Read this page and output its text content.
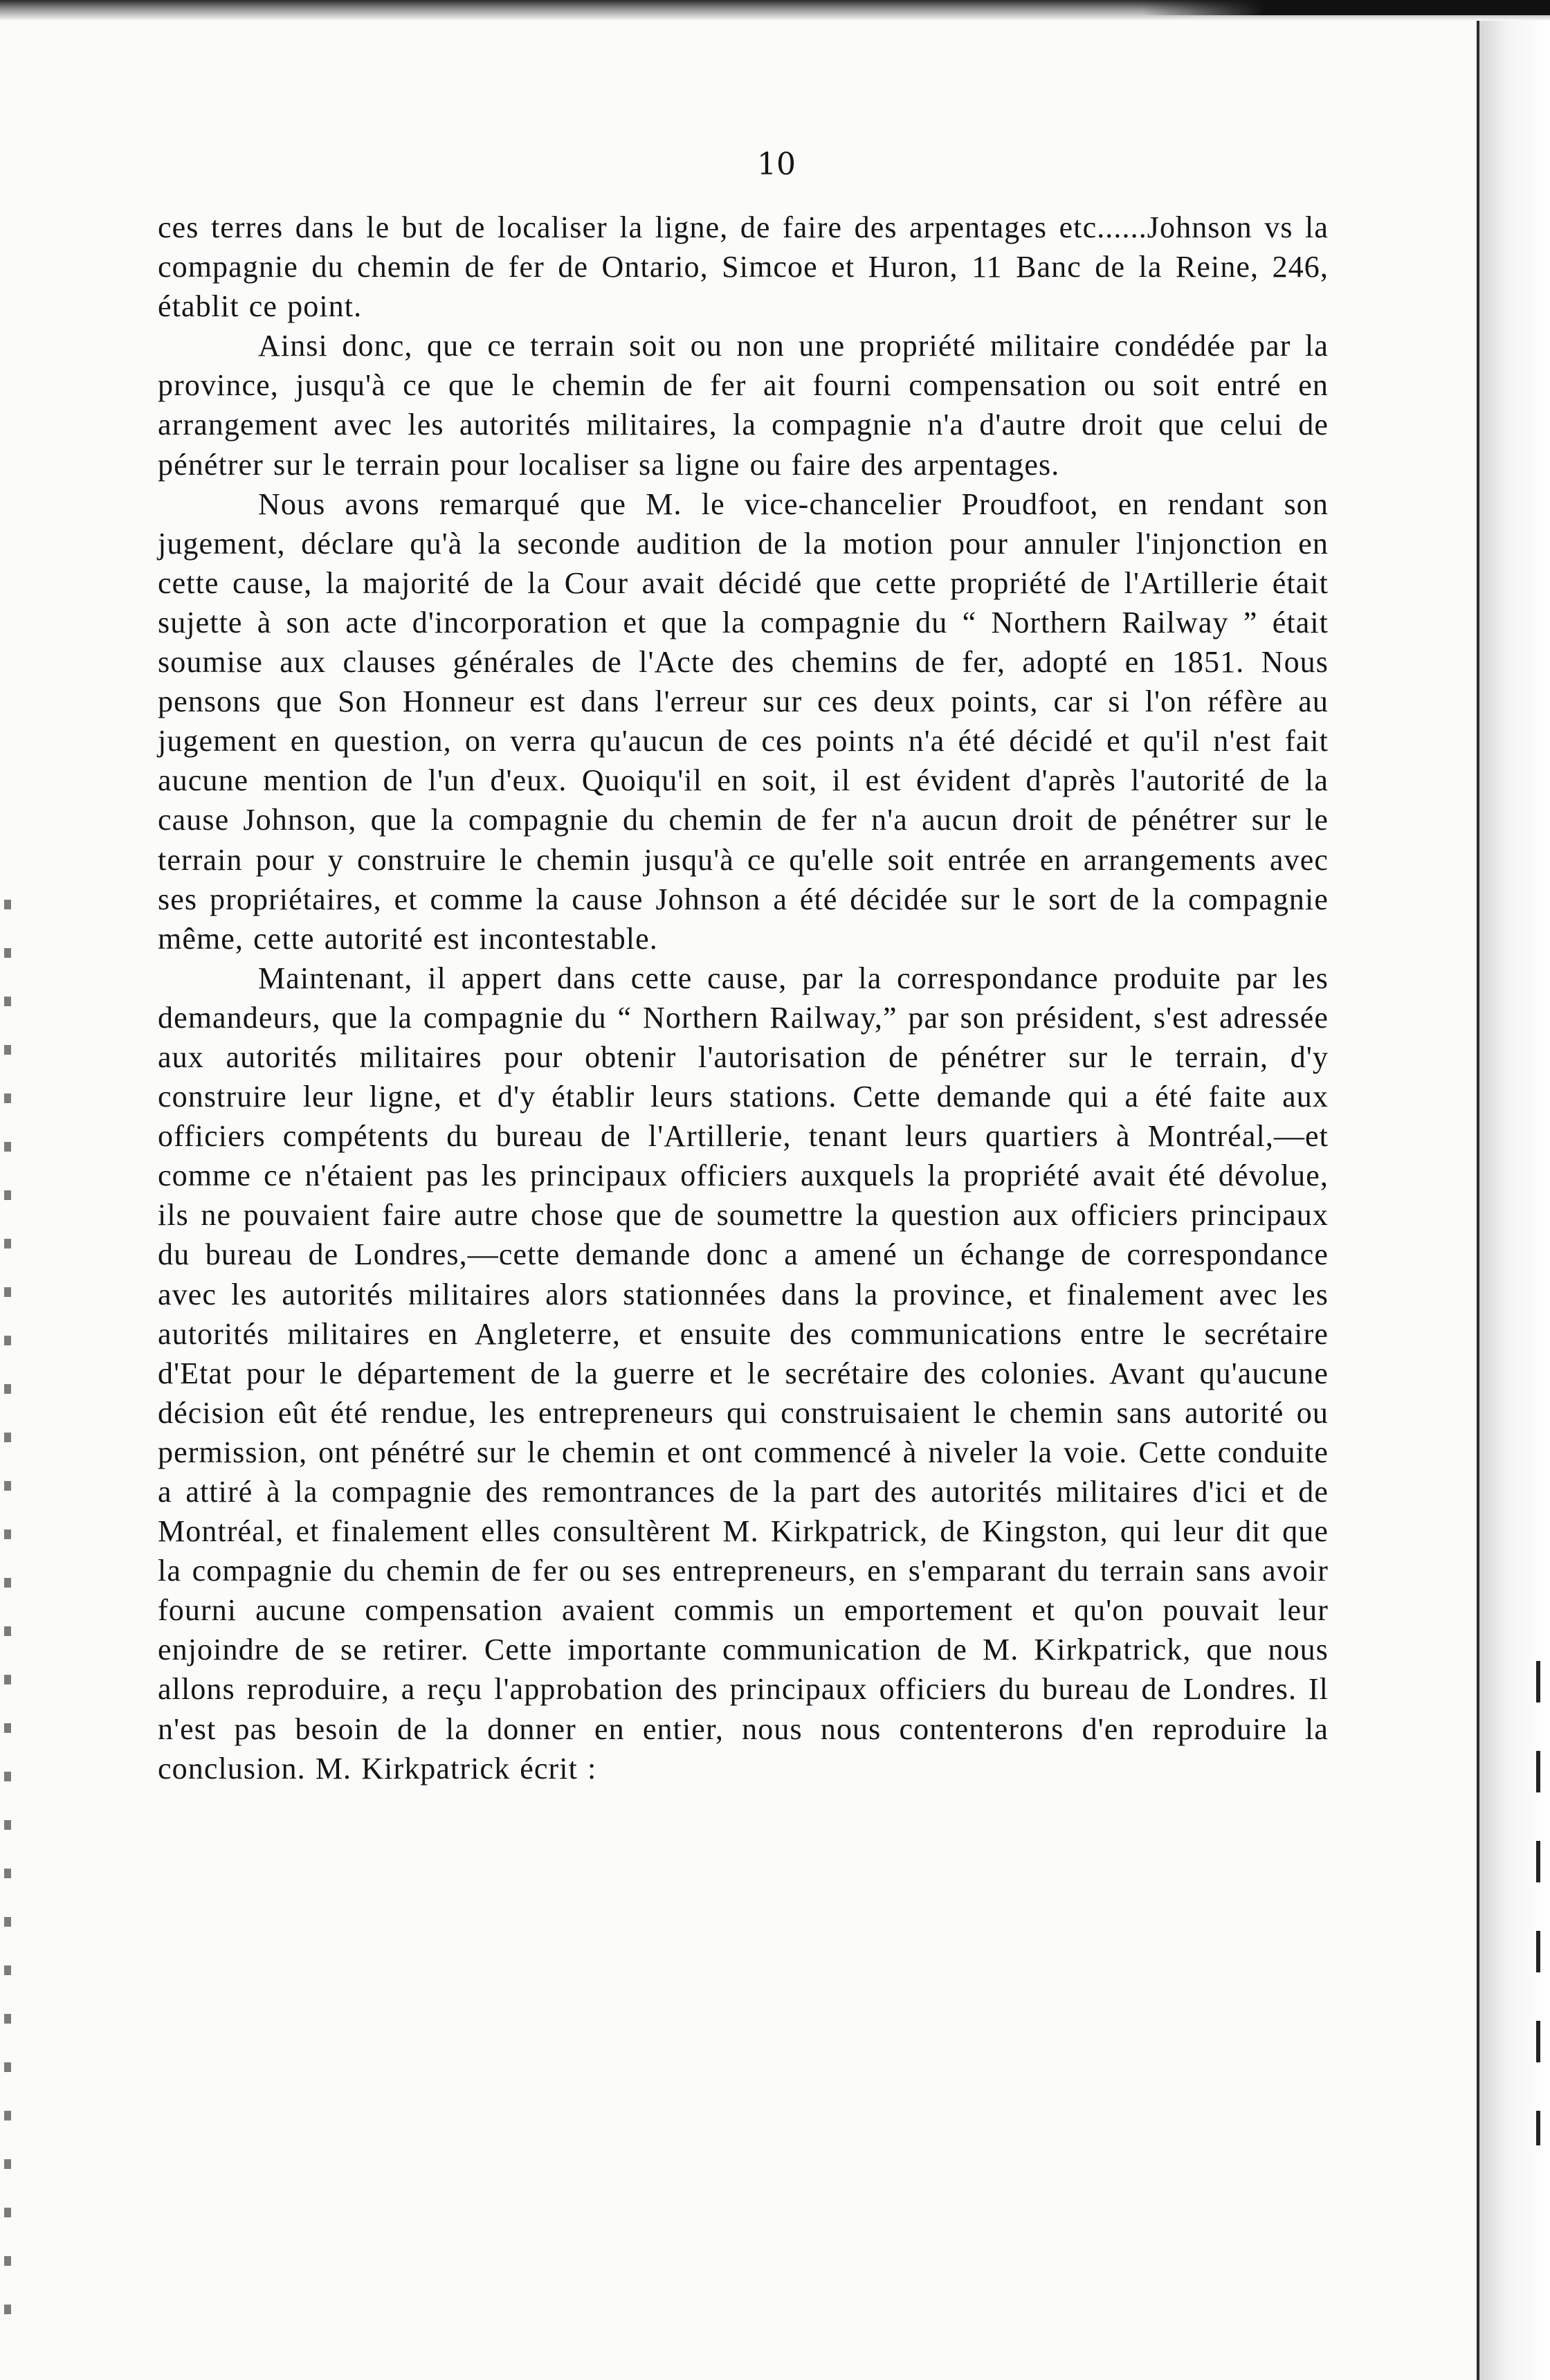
10

ces terres dans le but de localiser la ligne, de faire des arpentages etc......Johnson vs la compagnie du chemin de fer de Ontario, Simcoe et Huron, 11 Banc de la Reine, 246, établit ce point.

Ainsi donc, que ce terrain soit ou non une propriété militaire condédée par la province, jusqu'à ce que le chemin de fer ait fourni compensation ou soit entré en arrangement avec les autorités militaires, la compagnie n'a d'autre droit que celui de pénétrer sur le terrain pour localiser sa ligne ou faire des arpentages.

Nous avons remarqué que M. le vice-chancelier Proudfoot, en rendant son jugement, déclare qu'à la seconde audition de la motion pour annuler l'injonction en cette cause, la majorité de la Cour avait décidé que cette propriété de l'Artillerie était sujette à son acte d'incorporation et que la compagnie du “ Northern Railway ” était soumise aux clauses générales de l'Acte des chemins de fer, adopté en 1851. Nous pensons que Son Honneur est dans l'erreur sur ces deux points, car si l'on réfère au jugement en question, on verra qu'aucun de ces points n'a été décidé et qu'il n'est fait aucune mention de l'un d'eux. Quoiqu'il en soit, il est évident d'après l'autorité de la cause Johnson, que la compagnie du chemin de fer n'a aucun droit de pénétrer sur le terrain pour y construire le chemin jusqu'à ce qu'elle soit entrée en arrangements avec ses propriétaires, et comme la cause Johnson a été décidée sur le sort de la compagnie même, cette autorité est incontestable.

Maintenant, il appert dans cette cause, par la correspondance produite par les demandeurs, que la compagnie du “ Northern Railway,” par son président, s'est adressée aux autorités militaires pour obtenir l'autorisation de pénétrer sur le terrain, d'y construire leur ligne, et d'y établir leurs stations. Cette demande qui a été faite aux officiers compétents du bureau de l'Artillerie, tenant leurs quartiers à Montréal,—et comme ce n'étaient pas les principaux officiers auxquels la propriété avait été dévolue, ils ne pouvaient faire autre chose que de soumettre la question aux officiers principaux du bureau de Londres,—cette demande donc a amené un échange de correspondance avec les autorités militaires alors stationnées dans la province, et finalement avec les autorités militaires en Angleterre, et ensuite des communications entre le secrétaire d'Etat pour le département de la guerre et le secrétaire des colonies. Avant qu'aucune décision eût été rendue, les entrepreneurs qui construisaient le chemin sans autorité ou permission, ont pénétré sur le chemin et ont commencé à niveler la voie. Cette conduite a attiré à la compagnie des remontrances de la part des autorités militaires d'ici et de Montréal, et finalement elles consultèrent M. Kirkpatrick, de Kingston, qui leur dit que la compagnie du chemin de fer ou ses entrepreneurs, en s'emparant du terrain sans avoir fourni aucune compensation avaient commis un emportement et qu'on pouvait leur enjoindre de se retirer. Cette importante communication de M. Kirkpatrick, que nous allons reproduire, a reçu l'approbation des principaux officiers du bureau de Londres. Il n'est pas besoin de la donner en entier, nous nous contenterons d'en reproduire la conclusion. M. Kirkpatrick écrit :
